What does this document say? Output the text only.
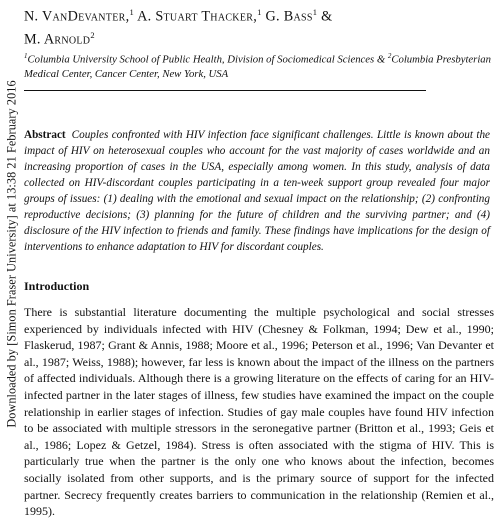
Downloaded by [Simon Fraser University] at 13:38 21 February 2016

N. VanDevanter,$^1$ A. Stuart Thacker,$^1$ G. Bass$^1$ &
M. Arnold$^2$

$^1$Columbia University School of Public Health, Division of Sociomedical Sciences & $^2$Columbia Presbyterian Medical Center, Cancer Center, New York, USA

Abstract Couples confronted with HIV infection face significant challenges. Little is known about the impact of HIV on heterosexual couples who account for the vast majority of cases worldwide and an increasing proportion of cases in the USA, especially among women. In this study, analysis of data collected on HIV-discordant couples participating in a ten-week support group revealed four major groups of issues: (1) dealing with the emotional and sexual impact on the relationship; (2) confronting reproductive decisions; (3) planning for the future of children and the surviving partner; and (4) disclosure of the HIV infection to friends and family. These findings have implications for the design of interventions to enhance adaptation to HIV for discordant couples.

Introduction

There is substantial literature documenting the multiple psychological and social stresses experienced by individuals infected with HIV (Chesney & Folkman, 1994; Dew et al., 1990; Flaskerud, 1987; Grant & Annis, 1988; Moore et al., 1996; Peterson et al., 1996; Van Devanter et al., 1987; Weiss, 1988); however, far less is known about the impact of the illness on the partners of affected individuals. Although there is a growing literature on the effects of caring for an HIV-infected partner in the later stages of illness, few studies have examined the impact on the couple relationship in earlier stages of infection. Studies of gay male couples have found HIV infection to be associated with multiple stressors in the seronegative partner (Britton et al., 1993; Geis et al., 1986; Lopez & Getzel, 1984). Stress is often associated with the stigma of HIV. This is particularly true when the partner is the only one who knows about the infection, becomes socially isolated from other supports, and is the primary source of support for the infected partner. Secrecy frequently creates barriers to communication in the relationship (Remien et al., 1995).
